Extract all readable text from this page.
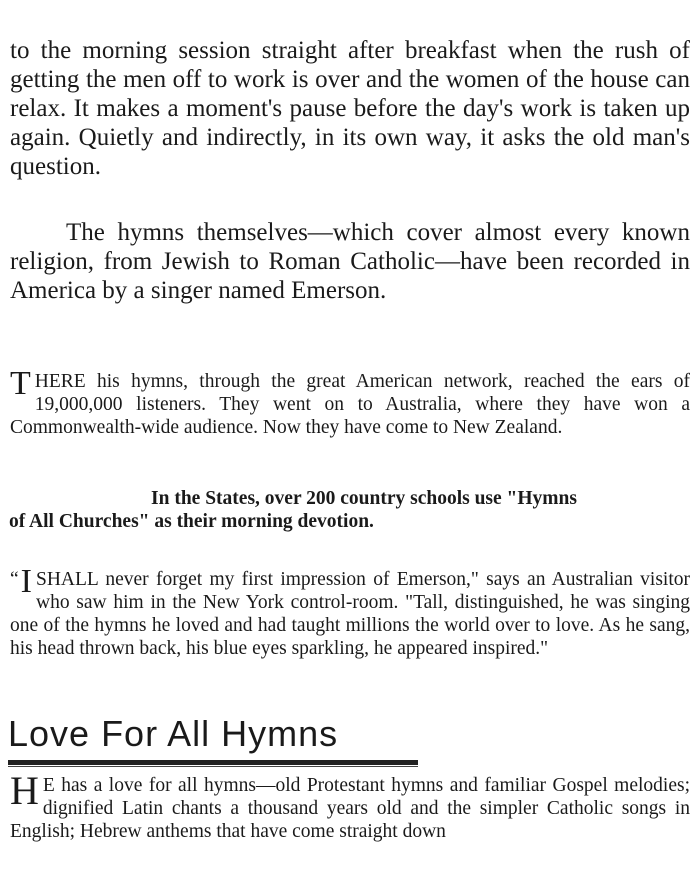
to the morning session straight after breakfast when the rush of getting the men off to work is over and the women of the house can relax. It makes a moment's pause before the day's work is taken up again. Quietly and indirectly, in its own way, it asks the old man's question.

The hymns themselves—which cover almost every known religion, from Jewish to Roman Catholic—have been recorded in America by a singer named Emerson.

T HERE his hymns, through the great American network, reached the ears of 19,000,000 listeners. They went on to Australia, where they have won a Commonwealth-wide audience. Now they have come to New Zealand.

In the States, over 200 country schools use "Hymns
of All Churches" as their morning devotion.

“ I SHALL never forget my first impression of Emerson," says an Australian visitor who saw him in the New York control-room. "Tall, distinguished, he was singing one of the hymns he loved and had taught millions the world over to love. As he sang, his head thrown back, his blue eyes sparkling, he appeared inspired."

Love For All Hymns

H E has a love for all hymns—old Protestant hymns and familiar Gospel melodies; dignified Latin chants a thousand years old and the simpler Catholic songs in English; Hebrew anthems that have come straight down
